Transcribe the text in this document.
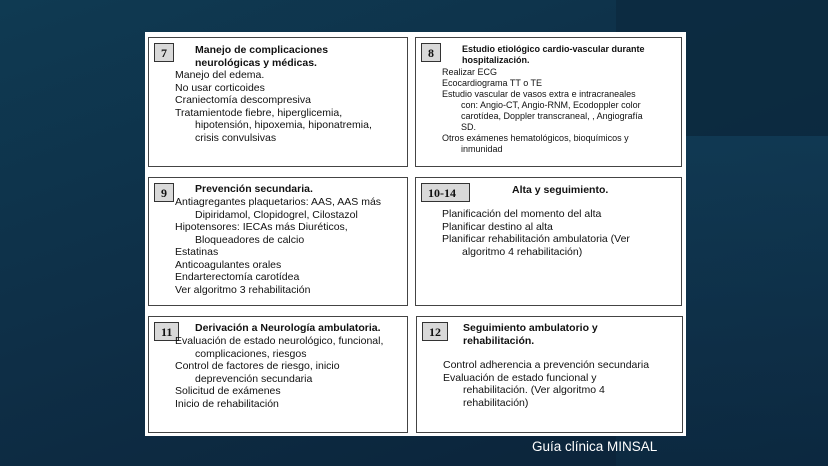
7	Manejo de complicaciones
neurológicas y médicas.
Manejo del edema.
No usar corticoides
Craniectomía descompresiva
Tratamientode fiebre, hiperglicemia,
hipotensión, hipoxemia, hiponatremia,
crisis convulsivas
8	Estudio etiológico cardio-vascular durante
hospitalización.
Realizar ECG
Ecocardiograma TT o TE
Estudio vascular de vasos extra e intracraneales
con: Angio-CT, Angio-RNM, Ecodoppler color
carotídea, Doppler transcraneal, , Angiografía
SD.
Otros exámenes hematológicos, bioquímicos y
inmunidad
9	Prevención secundaria.
Antiagregantes plaquetarios: AAS, AAS más
Dipiridamol, Clopidogrel, Cilostazol
Hipotensores: IECAs más Diuréticos,
Bloqueadores de calcio
Estatinas
Anticoagulantes orales
Endarterectomía carotídea
Ver algoritmo 3 rehabilitación
10-14	Alta y seguimiento.
Planificación del momento del alta
Planificar destino al alta
Planificar rehabilitación ambulatoria (Ver
algoritmo 4 rehabilitación)
11	Derivación a Neurología ambulatoria.
Evaluación de estado neurológico, funcional,
complicaciones, riesgos
Control de factores de riesgo, inicio
deprevención secundaria
Solicitud de exámenes
Inicio de rehabilitación
12	Seguimiento ambulatorio y
rehabilitación.
Control adherencia a prevención secundaria
Evaluación de estado funcional y
rehabilitación. (Ver algoritmo 4
rehabilitación)
Guía clínica MINSAL
